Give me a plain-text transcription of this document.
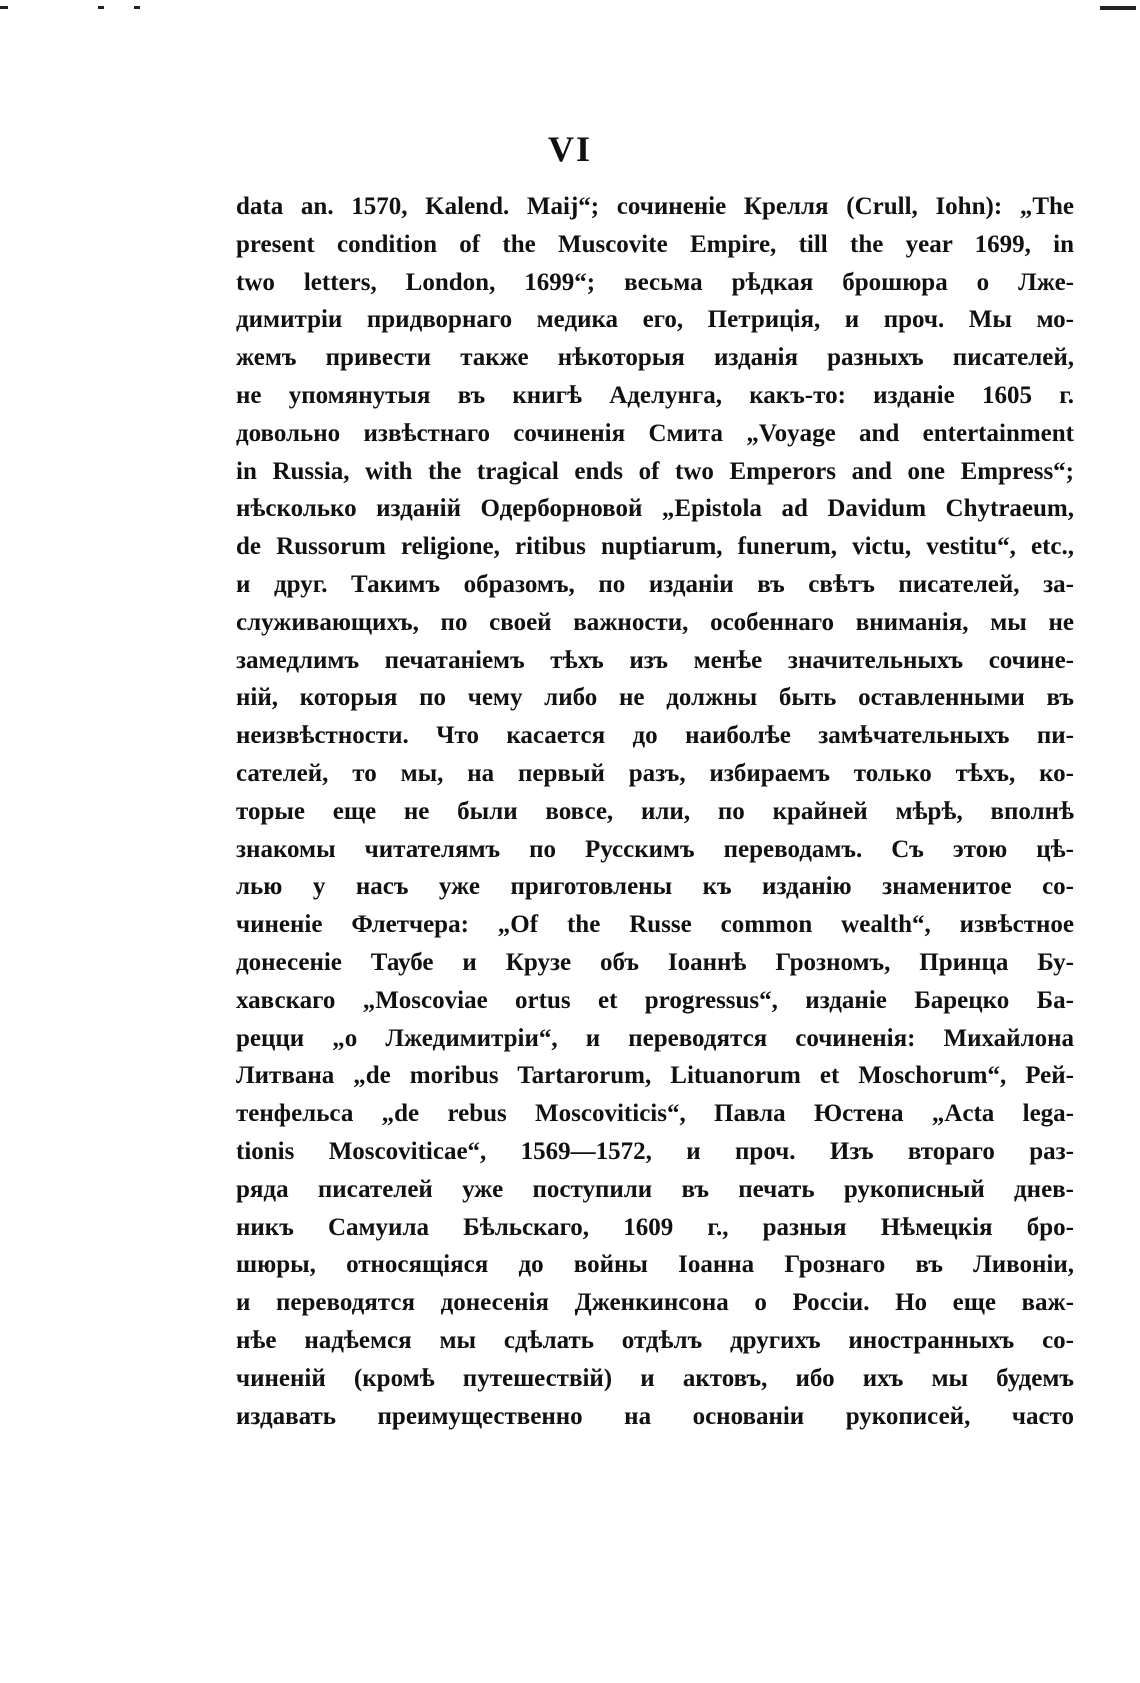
VI
data an. 1570, Kalend. Maij“; сочиненіе Крелля (Crull, Iohn): „The
present condition of the Muscovite Empire, till the year 1699, in
two letters, London, 1699“; весьма рѣдкая брошюра о Лже-
димитріи придворнаго медика его, Петриція, и проч. Мы мо-
жемъ привести также нѣкоторыя изданія разныхъ писателей,
не упомянутыя въ книгѣ Аделунга, какъ-то: изданіе 1605 г.
довольно извѣстнаго сочиненія Смита „Voyage and entertainment
in Russia, with the tragical ends of two Emperors and one Empress“;
нѣсколько изданій Одерборновой „Epistola ad Davidum Chytraeum,
de Russorum religione, ritibus nuptiarum, funerum, victu, vestitu“, etc.,
и друг. Такимъ образомъ, по изданіи въ свѣтъ писателей, за-
служивающихъ, по своей важности, особеннаго вниманія, мы не
замедлимъ печатаніемъ тѣхъ изъ менѣе значительныхъ сочине-
ній, которыя по чему либо не должны быть оставленными въ
неизвѣстности. Что касается до наиболѣе замѣчательныхъ пи-
сателей, то мы, на первый разъ, избираемъ только тѣхъ, ко-
торые еще не были вовсе, или, по крайней мѣрѣ, вполнѣ
знакомы читателямъ по Русскимъ переводамъ. Съ этою цѣ-
лью у насъ уже приготовлены къ изданію знаменитое со-
чиненіе Флетчера: „Of the Russe common wealth“, извѣстное
донесеніе Таубе и Крузе объ Іоаннѣ Грозномъ, Принца Бу-
хавскаго „Moscoviae ortus et progressus“, изданіе Барецко Ба-
рецци „о Лжедимитріи“, и переводятся сочиненія: Михайлона
Литвана „de moribus Tartarorum, Lituanorum et Moschorum“, Рей-
тенфельса „de rebus Moscoviticis“, Павла Юстена „Acta lega-
tionis Moscoviticae“, 1569—1572, и проч. Изъ втораго раз-
ряда писателей уже поступили въ печать рукописный днев-
никъ Самуила Бѣльскаго, 1609 г., разныя Нѣмецкія бро-
шюры, относящіяся до войны Іоанна Грознаго въ Ливоніи,
и переводятся донесенія Дженкинсона о Россіи. Но еще важ-
нѣе надѣемся мы сдѣлать отдѣлъ другихъ иностранныхъ со-
чиненій (кромѣ путешествій) и актовъ, ибо ихъ мы будемъ
издавать преимущественно на основаніи рукописей, часто
